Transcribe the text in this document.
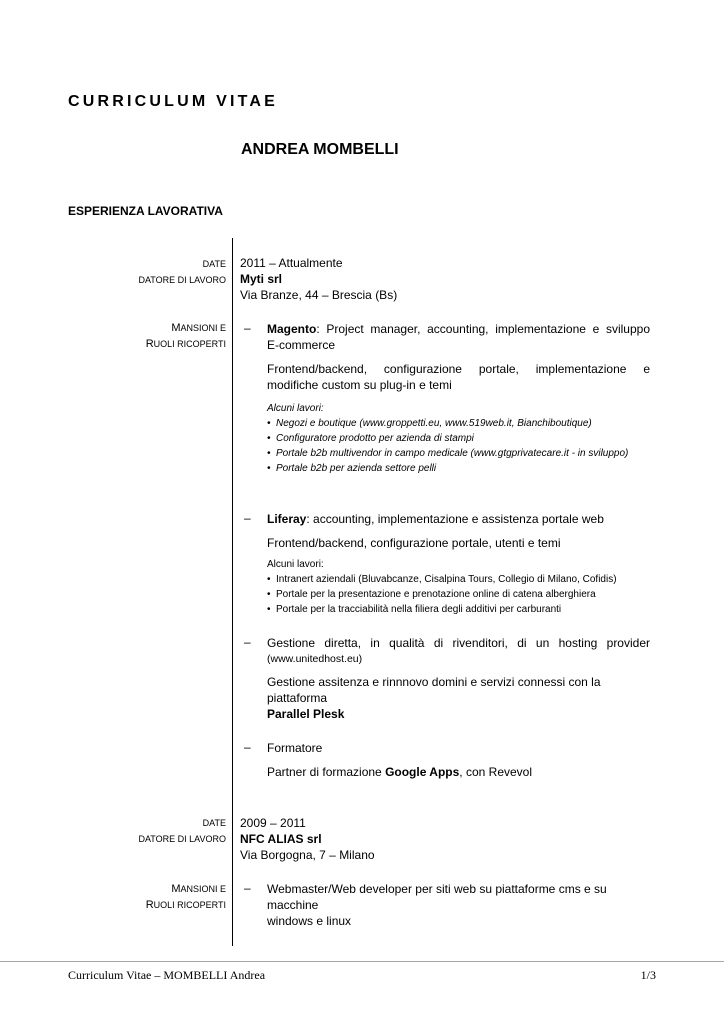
CURRICULUM VITAE
ANDREA MOMBELLI
ESPERIENZA LAVORATIVA
DATE
DATORE DI LAVORO
MANSIONI E
RUOLI RICOPERTI
2011 – Attualmente
Myti srl
Via Branze, 44 – Brescia (Bs)
– Magento: Project manager, accounting, implementazione e sviluppo
E-commerce
Frontend/backend, configurazione portale, implementazione e
modifiche custom su plug-in e temi
Alcuni lavori:
• Negozi e boutique (www.groppetti.eu, www.519web.it, Bianchiboutique)
• Configuratore prodotto per azienda di stampi
• Portale b2b multivendor in campo medicale (www.gtgprivatecare.it - in sviluppo)
• Portale b2b per azienda settore pelli
– Liferay: accounting, implementazione e assistenza portale web
Frontend/backend, configurazione portale, utenti e temi
Alcuni lavori:
• Intranert aziendali (Bluvabcanze, Cisalpina Tours, Collegio di Milano, Cofidis)
• Portale per la presentazione e prenotazione online di catena alberghiera
• Portale per la tracciabilità nella filiera degli additivi per carburanti
– Gestione diretta, in qualità di rivenditori, di un hosting provider
(www.unitedhost.eu)
Gestione assitenza e rinnnovo domini e servizi connessi con la piattaforma
Parallel Plesk
– Formatore
Partner di formazione Google Apps, con Revevol
DATE
DATORE DI LAVORO
MANSIONI E
RUOLI RICOPERTI
2009 – 2011
NFC ALIAS srl
Via Borgogna, 7 – Milano
– Webmaster/Web developer per siti web su piattaforme cms e su macchine
windows e linux
Curriculum Vitae – MOMBELLI Andrea	1/3
